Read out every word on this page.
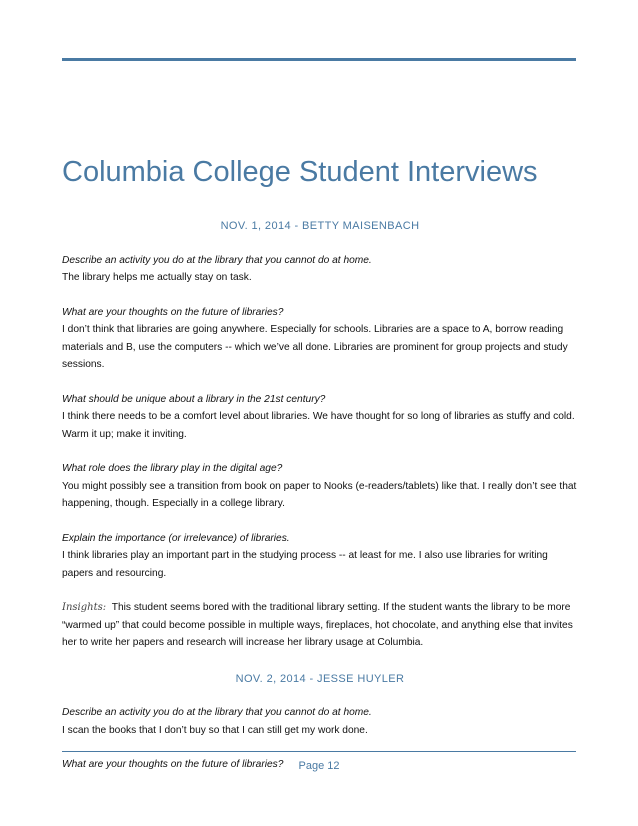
Columbia College Student Interviews
NOV. 1, 2014 - BETTY MAISENBACH

Describe an activity you do at the library that you cannot do at home.

The library helps me actually stay on task.

What are your thoughts on the future of libraries?

I don’t think that libraries are going anywhere. Especially for schools. Libraries are a space to A, borrow reading materials and B, use the computers -- which we’ve all done. Libraries are prominent for group projects and study sessions.

What should be unique about a library in the 21st century?

I think there needs to be a comfort level about libraries. We have thought for so long of libraries as stuffy and cold. Warm it up; make it inviting.

What role does the library play in the digital age?

You might possibly see a transition from book on paper to Nooks (e-readers/tablets) like that. I really don’t see that happening, though. Especially in a college library.

Explain the importance (or irrelevance) of libraries.

I think libraries play an important part in the studying process -- at least for me. I also use libraries for writing papers and resourcing.

Insights: This student seems bored with the traditional library setting. If the student wants the library to be more “warmed up” that could become possible in multiple ways, fireplaces, hot chocolate, and anything else that invites her to write her papers and research will increase her library usage at Columbia.

NOV. 2, 2014 - JESSE HUYLER

Describe an activity you do at the library that you cannot do at home.

I scan the books that I don’t buy so that I can still get my work done.

What are your thoughts on the future of libraries?	Page 12
